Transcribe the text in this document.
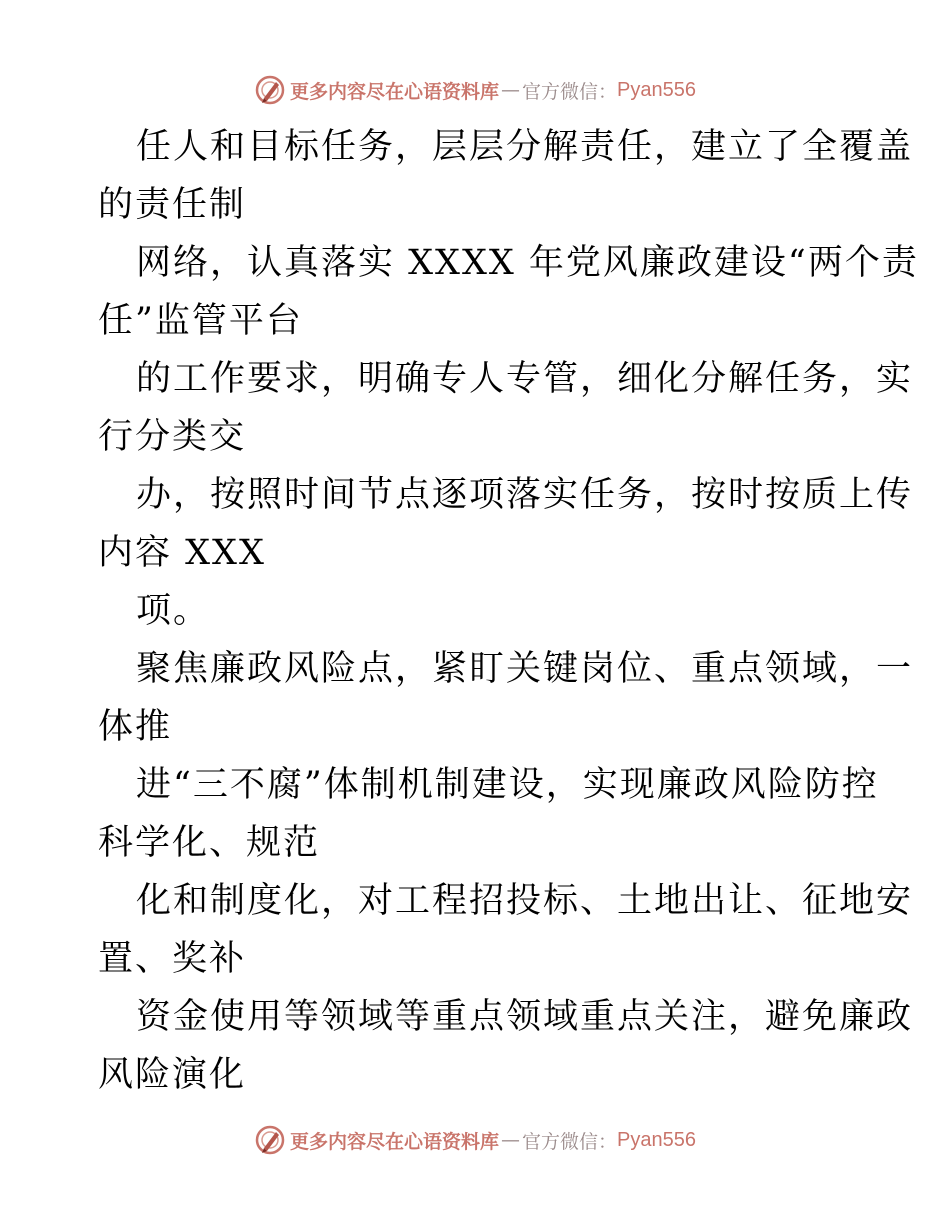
更多内容尽在心语资料库 — 官方微信： Pyan556
任人和目标任务，层层分解责任，建立了全覆盖
的责任制
网络，认真落实 XXXX 年党风廉政建设“两个责
任”监管平台
的工作要求，明确专人专管，细化分解任务，实
行分类交
办，按照时间节点逐项落实任务，按时按质上传
内容 XXX
项。
聚焦廉政风险点，紧盯关键岗位、重点领域，一
体推
进“三不腐”体制机制建设，实现廉政风险防控
科学化、规范
化和制度化，对工程招投标、土地出让、征地安
置、奖补
资金使用等领域等重点领域重点关注，避免廉政
风险演化
更多内容尽在心语资料库 — 官方微信： Pyan556
